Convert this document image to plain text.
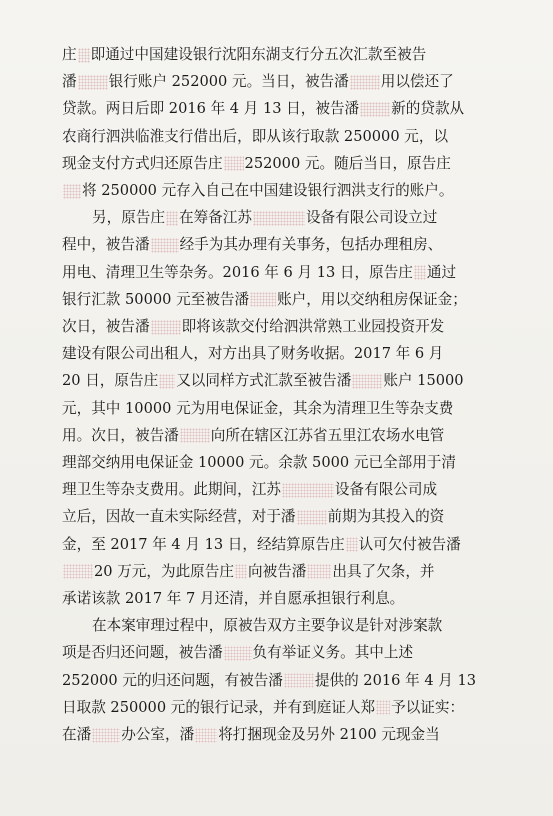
庄 即通过中国建设银行沈阳东湖支行分五次汇款至被告
潘 银行账户 252000 元。当日，被告潘 用以偿还了
贷款。两日后即 2016 年 4 月 13 日，被告潘 新的贷款从
农商行泗洪临淮支行借出后，即从该行取款 250000 元，以
现金支付方式归还原告庄 252000 元。随后当日，原告庄
将 250000 元存入自己在中国建设银行泗洪支行的账户。
另，原告庄 在筹备江苏	设备有限公司设立过
程中，被告潘 经手为其办理有关事务，包括办理租房、
用电、清理卫生等杂务。2016 年 6 月 13 日，原告庄 通过
银行汇款 50000 元至被告潘 账户，用以交纳租房保证金；
次日，被告潘 即将该款交付给泗洪常熟工业园投资开发
建设有限公司出租人，对方出具了财务收据。2017 年 6 月
20 日，原告庄 又以同样方式汇款至被告潘 账户 15000
元，其中 10000 元为用电保证金，其余为清理卫生等杂支费
用。次日，被告潘 向所在辖区江苏省五里江农场水电管
理部交纳用电保证金 10000 元。余款 5000 元已全部用于清
理卫生等杂支费用。此期间，江苏	设备有限公司成
立后，因故一直未实际经营，对于潘 前期为其投入的资
金，至 2017 年 4 月 13 日，经结算原告庄 认可欠付被告潘
20 万元，为此原告庄 向被告潘 出具了欠条，并
承诺该款 2017 年 7 月还清，并自愿承担银行利息。
在本案审理过程中，原被告双方主要争议是针对涉案款
项是否归还问题，被告潘 负有举证义务。其中上述
252000 元的归还问题，有被告潘 提供的 2016 年 4 月 13
日取款 250000 元的银行记录，并有到庭证人郑 予以证实：
在潘 办公室，潘 将打捆现金及另外 2100 元现金当
